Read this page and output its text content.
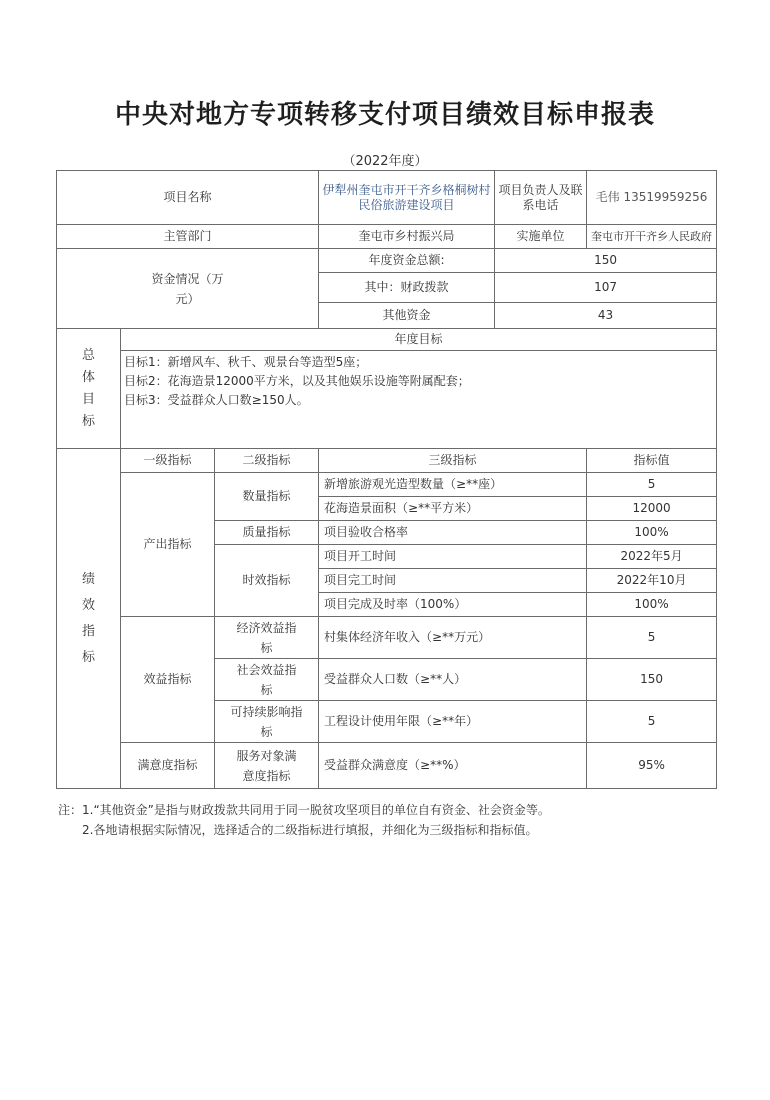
中央对地方专项转移支付项目绩效目标申报表
（2022年度）
项目名称			伊犁州奎屯市开干齐乡格桐树村民俗旅游建设项目	项目负责人及联系电话	毛伟 13519959256
主管部门			奎屯市乡村振兴局	实施单位	奎屯市开干齐乡人民政府

资金情况（万元）			年度资金总额:	150	
			其中：财政拨款	107	
			其他资金	43	

总体目标	年度目标				

	目标1：新增风车、秋千、观景台等造型5座；
目标2：花海造景12000平方米，以及其他娱乐设施等附属配套；
目标3：受益群众人口数≥150人。				

绩效指标	一级指标	二级指标	三级指标		指标值
	产出指标	数量指标	新增旅游观光造型数量（≥**座）		5
			花海造景面积（≥**平方米）		12000
		质量指标	项目验收合格率		100%
		时效指标	项目开工时间		2022年5月
			项目完工时间		2022年10月
			项目完成及时率（100%）		100%
	效益指标	经济效益指标	村集体经济年收入（≥**万元）		5

		社会效益指标	受益群众人口数（≥**人）		150

		可持续影响指标	工程设计使用年限（≥**年）		5
	满意度指标	服务对象满意度指标	受益群众满意度（≥**%）		95%
注：1.“其他资金”是指与财政拨款共同用于同一脱贫攻坚项目的单位自有资金、社会资金等。
2.各地请根据实际情况，选择适合的二级指标进行填报，并细化为三级指标和指标值。
